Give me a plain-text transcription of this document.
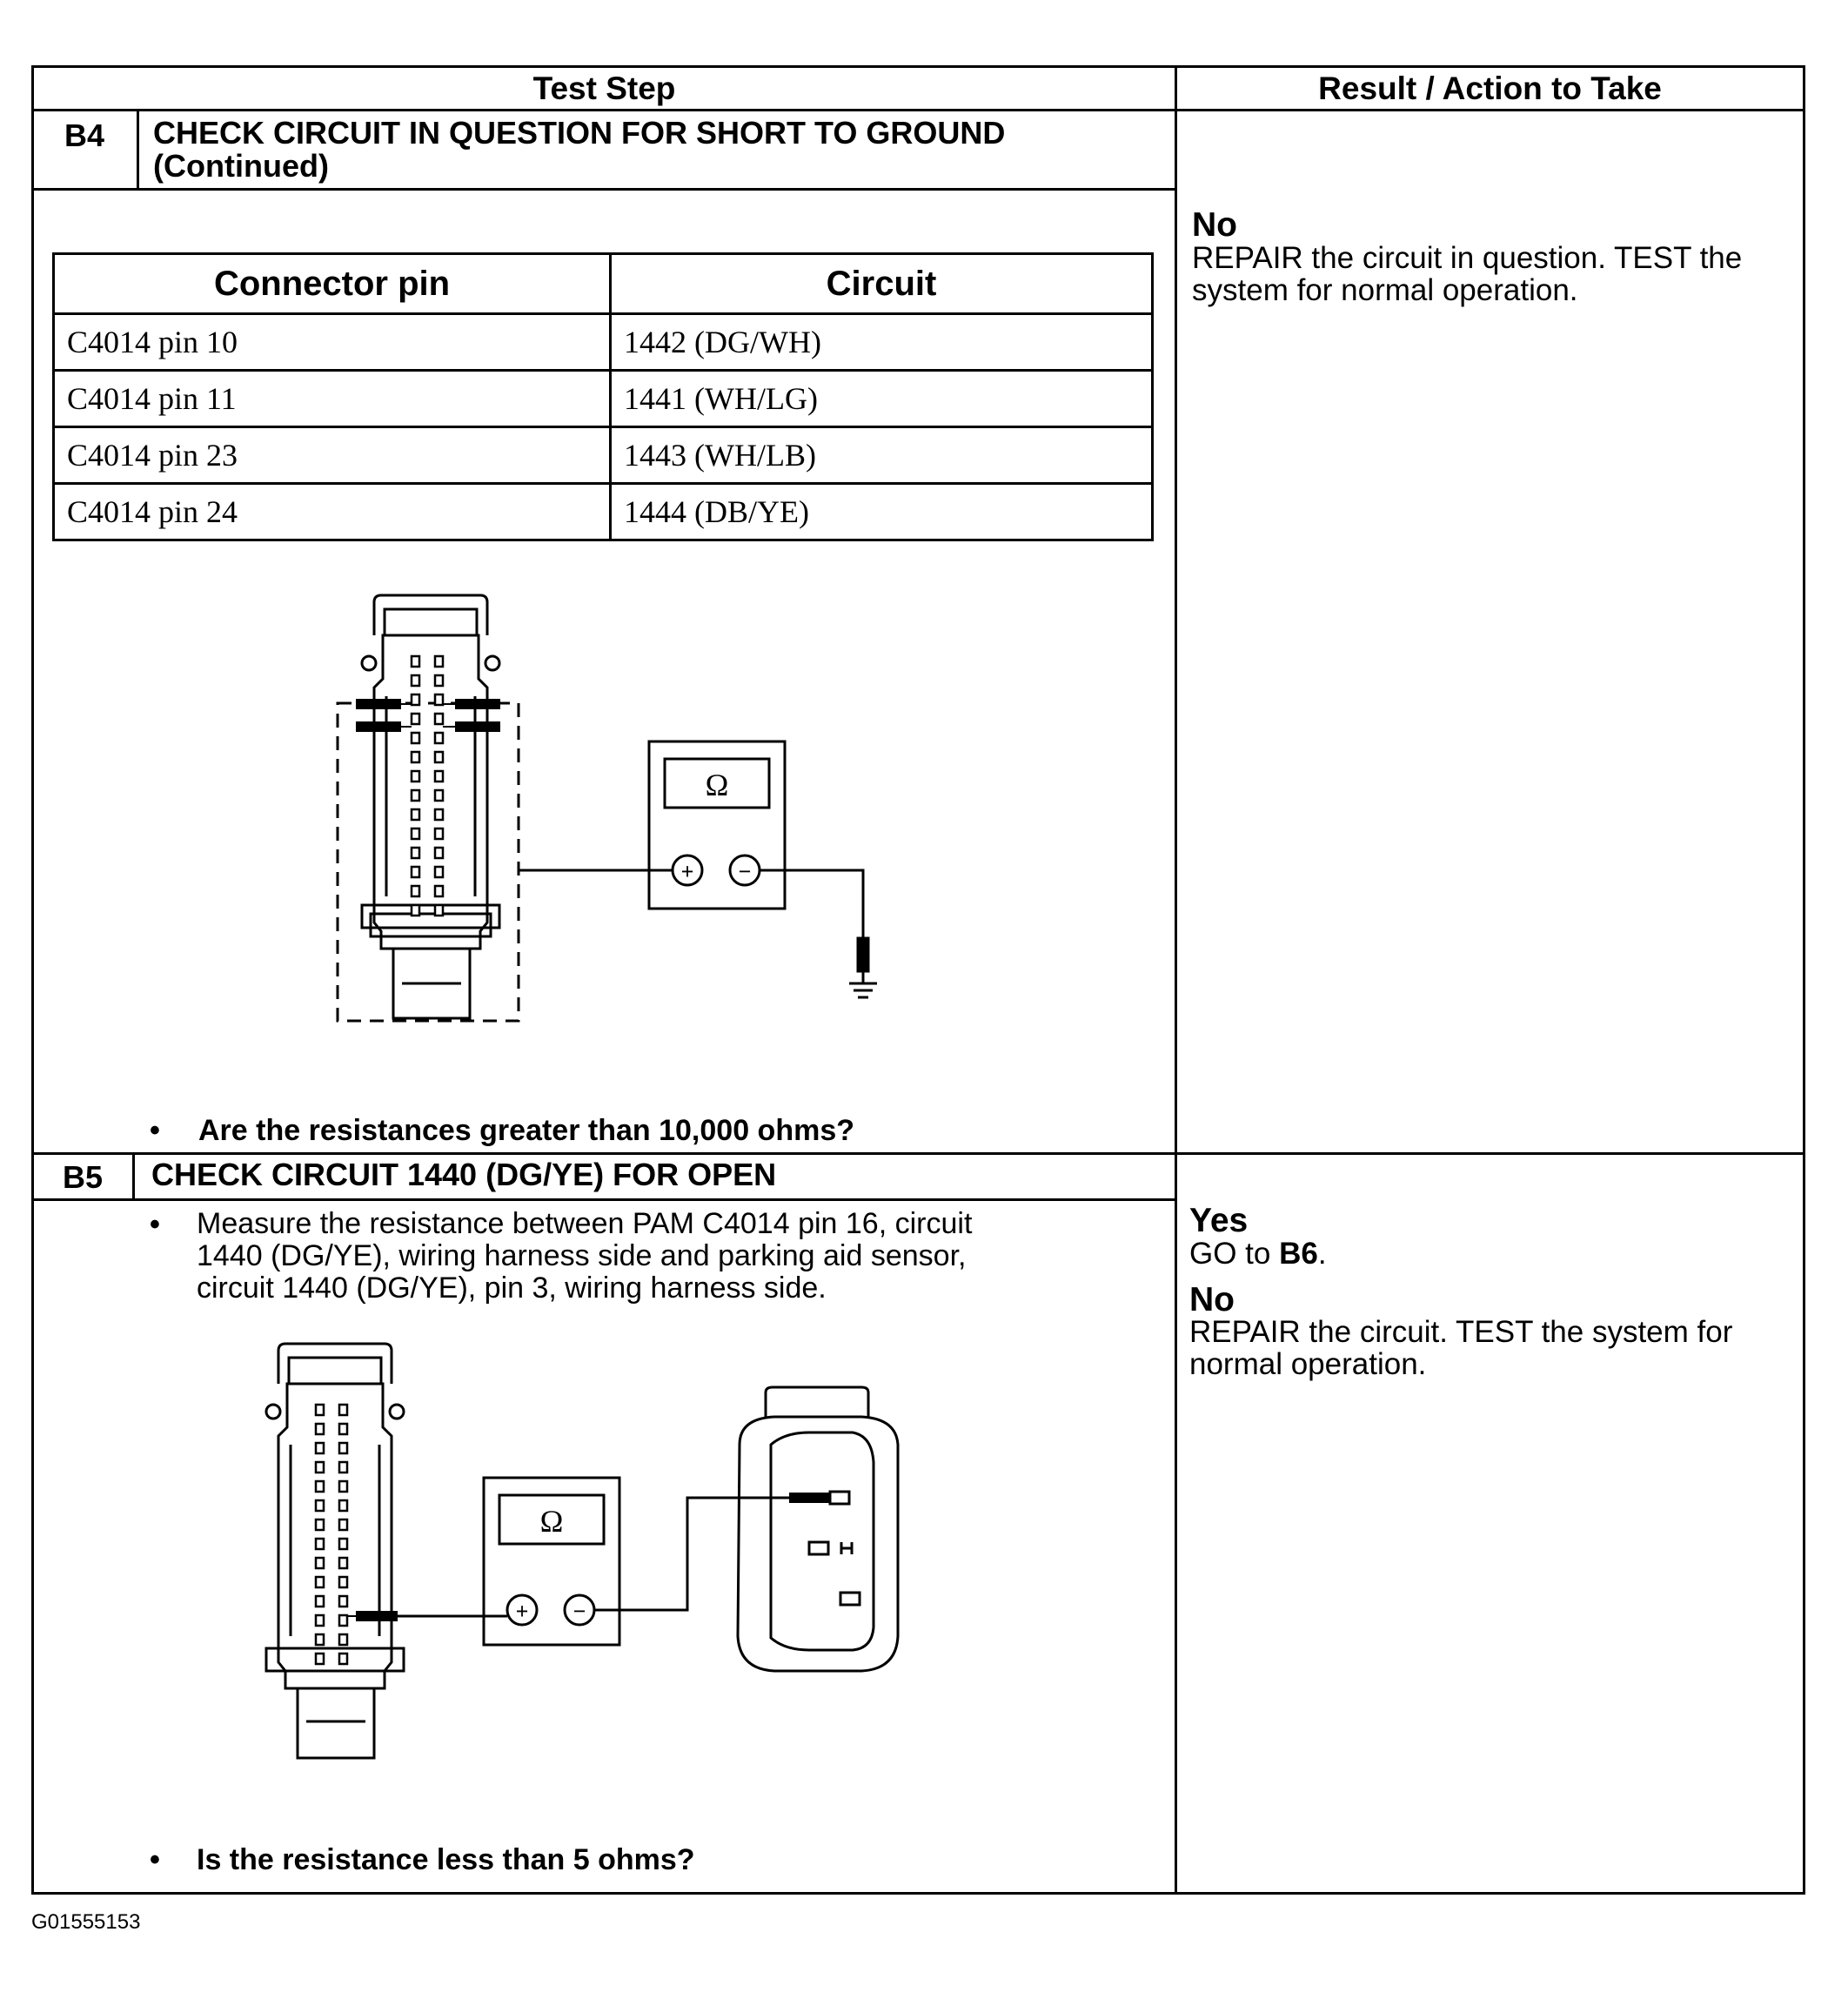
Test Step	Result / Action to Take
B4 CHECK CIRCUIT IN QUESTION FOR SHORT TO GROUND
(Continued)
Connector pin	Circuit
C4014 pin 10	1442 (DG/WH)
C4014 pin 11	1441 (WH/LG)
C4014 pin 23	1443 (WH/LB)
C4014 pin 24	1444 (DB/YE)
Ω
+ −
• Are the resistances greater than 10,000 ohms?
No
REPAIR the circuit in question. TEST the
system for normal operation.
B5 CHECK CIRCUIT 1440 (DG/YE) FOR OPEN
• Measure the resistance between PAM C4014 pin 16, circuit
1440 (DG/YE), wiring harness side and parking aid sensor,
circuit 1440 (DG/YE), pin 3, wiring harness side.
Ω
+ −
• Is the resistance less than 5 ohms?
Yes
GO to B6.
No
REPAIR the circuit. TEST the system for
normal operation.
G01555153
